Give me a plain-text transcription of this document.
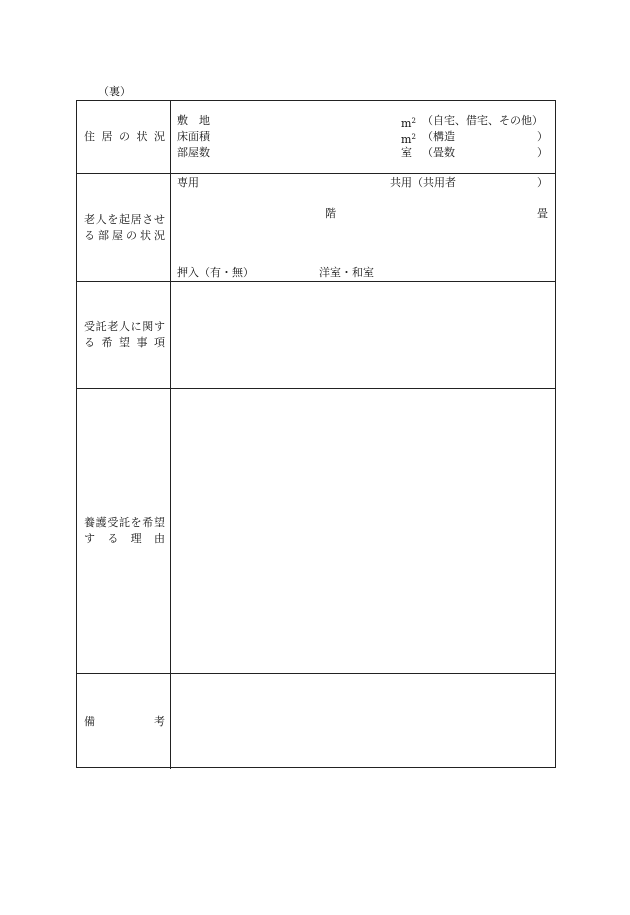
（裏）
住 居 の 状 況
敷　地	$m^2$ （自宅、借宅、その他）
床面積	$m^2$ （構造	）
部屋数	室 （畳数	）
老 人 を 起 居 さ せ
る 部 屋 の 状 況
専用	共用（共用者	）
階	畳
押入（有・無）	洋室・和室
受 託 老 人 に 関 す
る 希 望 事 項
養 護 受 託 を 希 望
す る 理 由
備	考
